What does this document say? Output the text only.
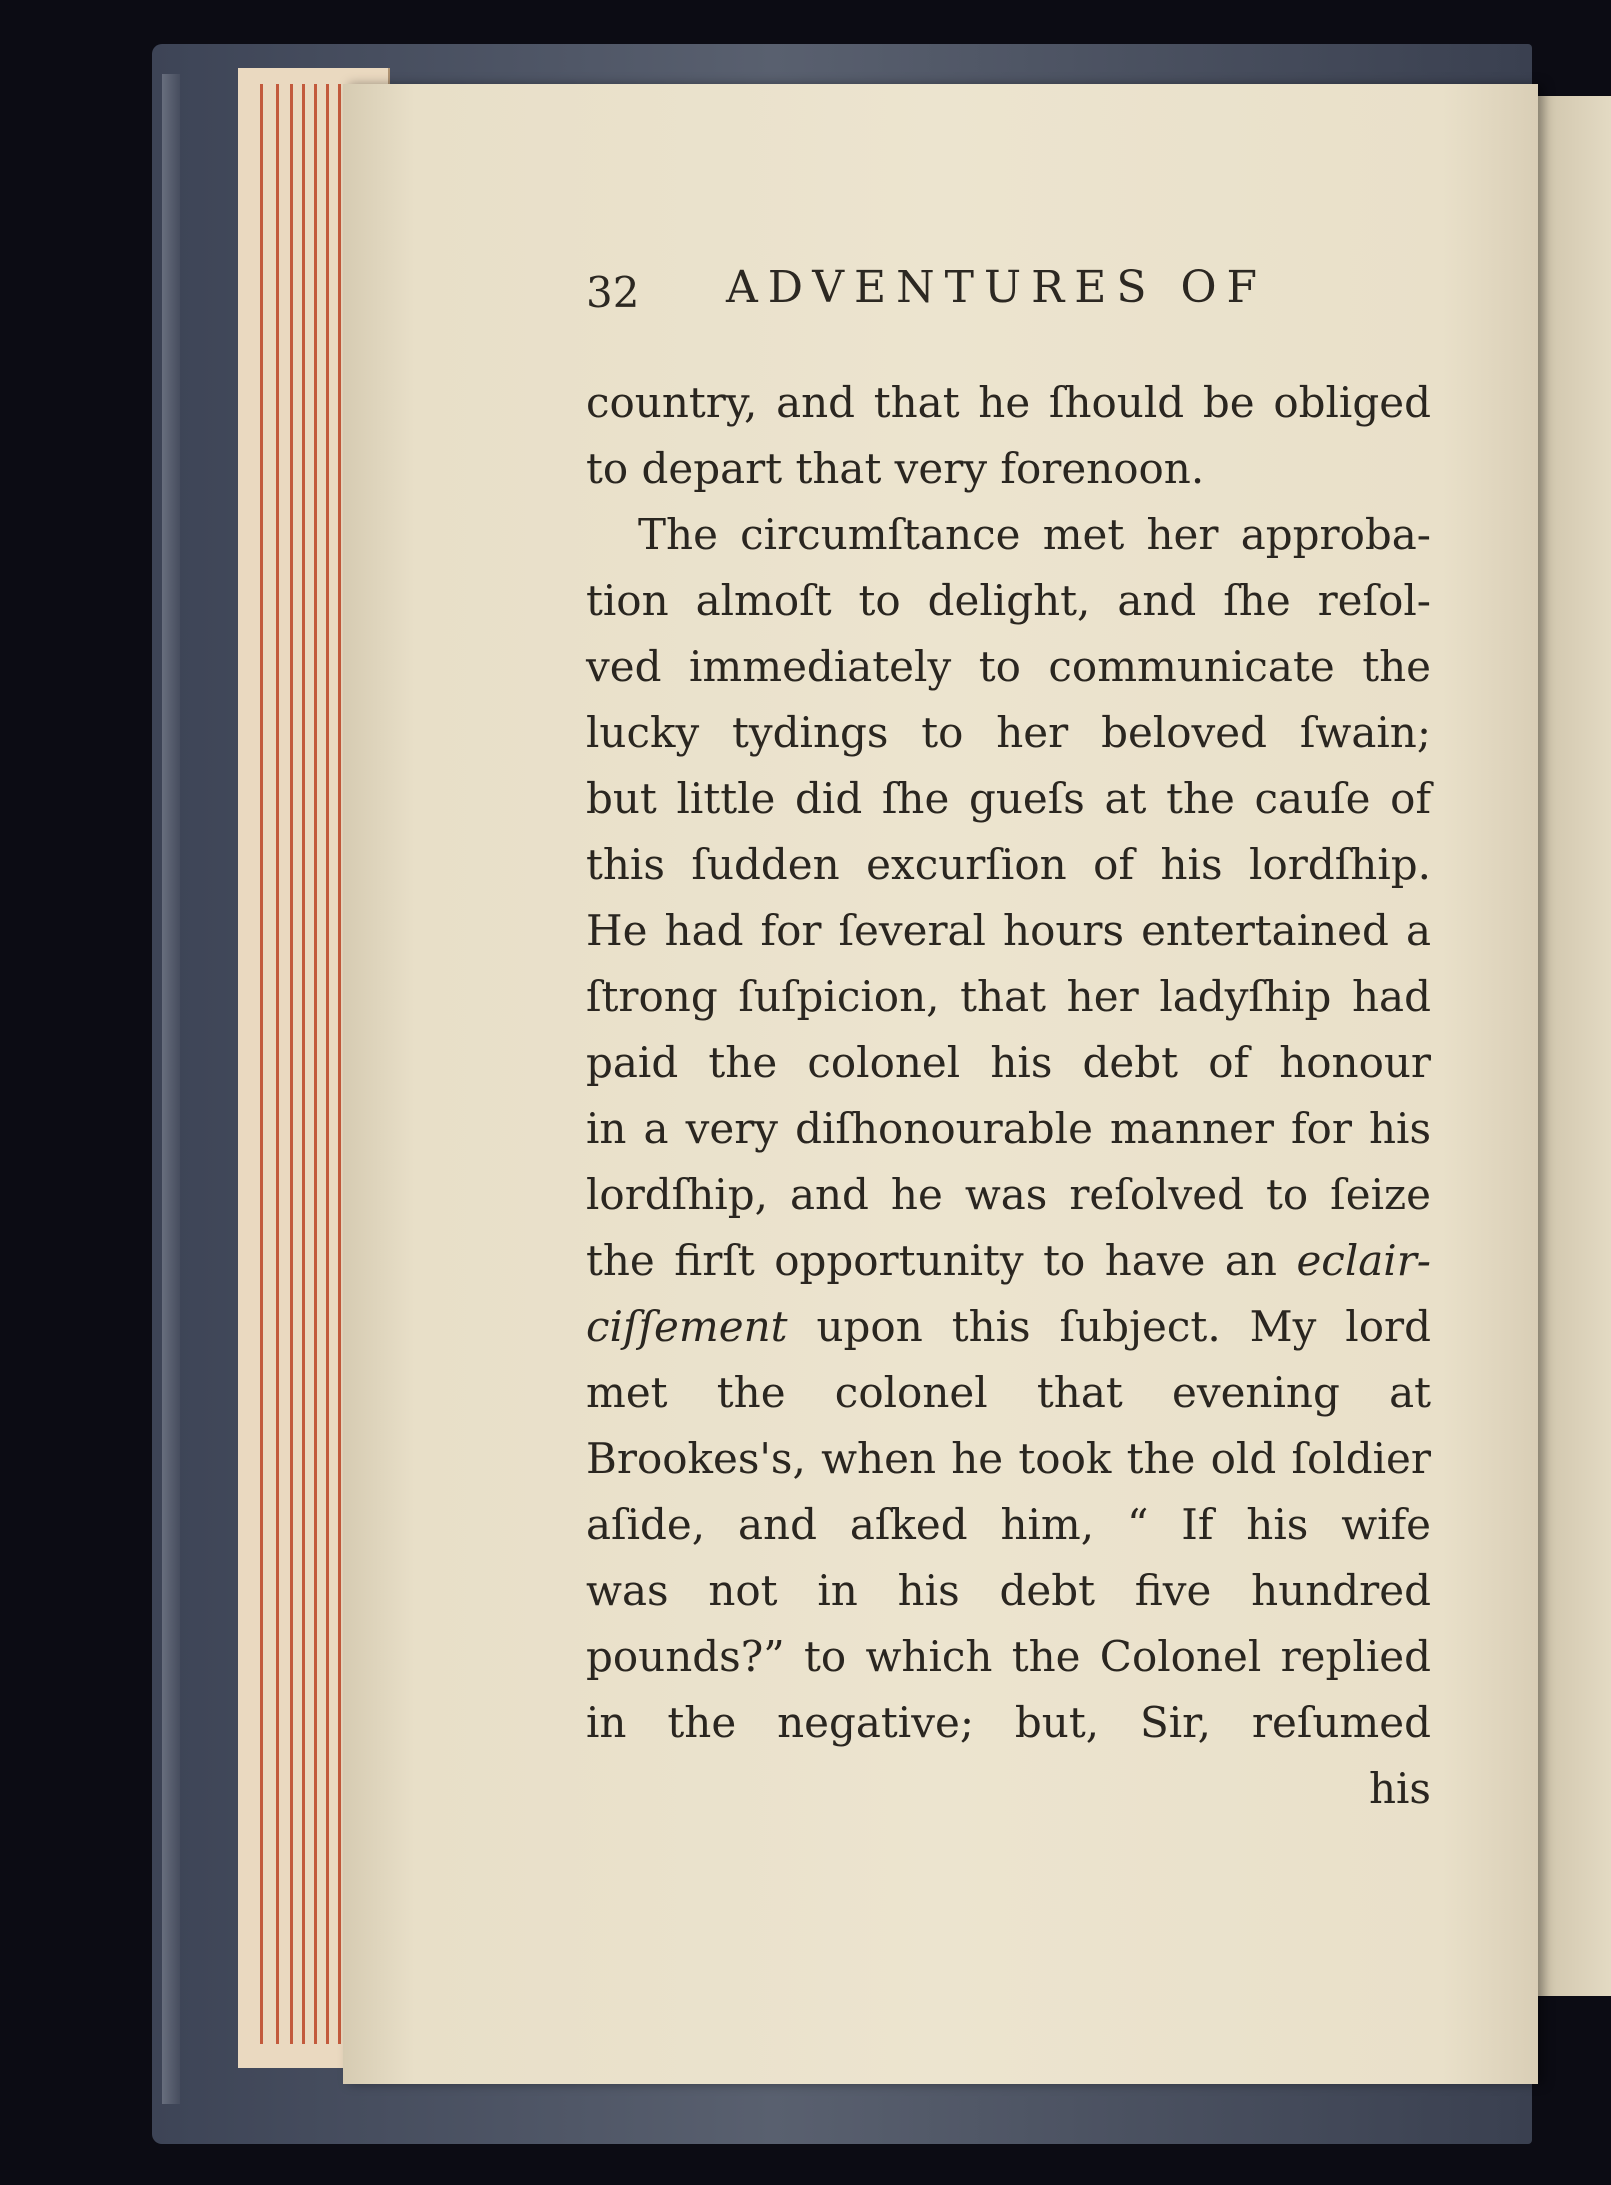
32 ADVENTURES OF
country, and that he ſhould be obliged
to depart that very forenoon.
The circumſtance met her approba-
tion almoſt to delight, and ſhe reſol-
ved immediately to communicate the
lucky tydings to her beloved ſwain;
but little did ſhe gueſs at the cauſe of
this ſudden excurſion of his lordſhip.
He had for ſeveral hours entertained a
ſtrong ſuſpicion, that her ladyſhip had
paid the colonel his debt of honour
in a very diſhonourable manner for his
lordſhip, and he was reſolved to ſeize
the firſt opportunity to have an eclair-
ciſſement upon this ſubject. My lord
met the colonel that evening at
Brookes's, when he took the old ſoldier
aſide, and aſked him, “ If his wife
was not in his debt five hundred
pounds?” to which the Colonel replied
in the negative; but, Sir, reſumed
his
